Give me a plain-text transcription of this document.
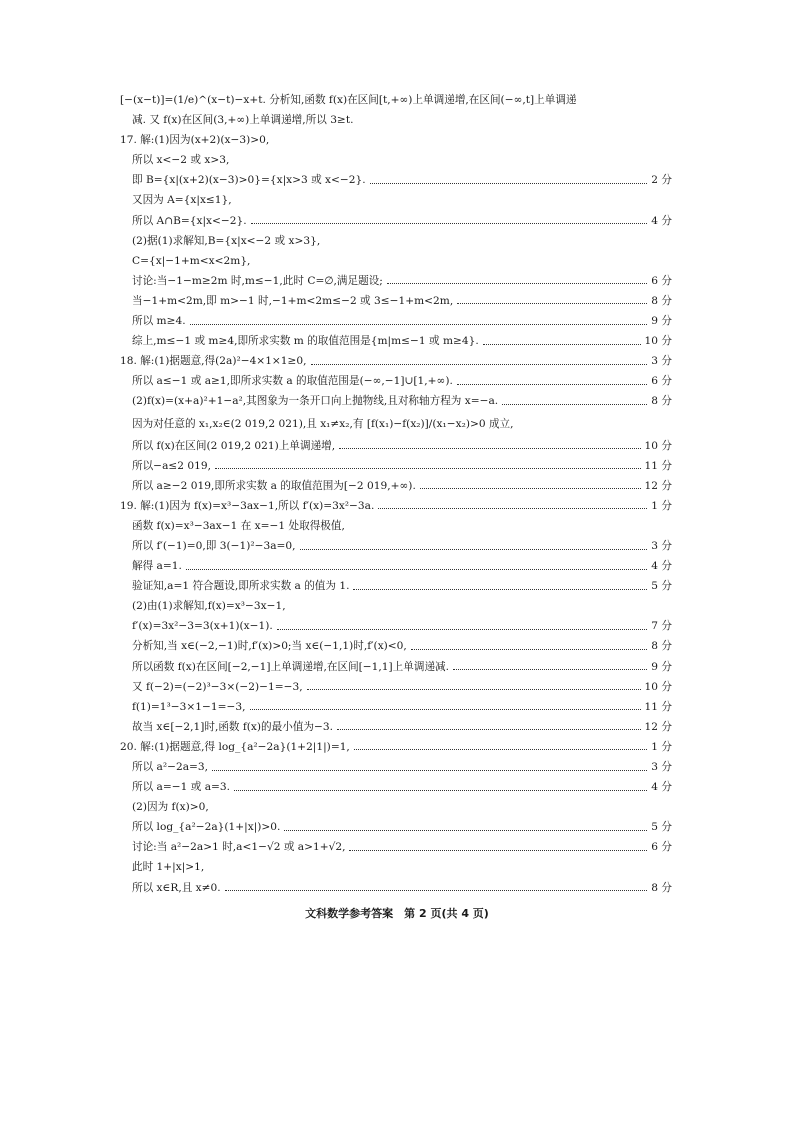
[−(x−t)]=(1/e)^(x−t)−x+t. 分析知,函数 f(x)在区间[t,+∞)上单调递增,在区间(−∞,t]上单调递
减. 又 f(x)在区间(3,+∞)上单调递增,所以 3≥t.
17. 解:(1)因为(x+2)(x−3)>0,
所以 x<−2 或 x>3,
即 B={x|(x+2)(x−3)>0}={x|x>3 或 x<−2}.	2 分
又因为 A={x|x≤1},
所以 A∩B={x|x<−2}.	4 分
(2)据(1)求解知,B={x|x<−2 或 x>3},
C={x|−1+m<x<2m},
讨论:当−1−m≥2m 时,m≤−1,此时 C=∅,满足题设;	6 分
当−1+m<2m,即 m>−1 时,−1+m<2m≤−2 或 3≤−1+m<2m,	8 分
所以 m≥4.	9 分
综上,m≤−1 或 m≥4,即所求实数 m 的取值范围是{m|m≤−1 或 m≥4}.	10 分
18. 解:(1)据题意,得(2a)²−4×1×1≥0,	3 分
所以 a≤−1 或 a≥1,即所求实数 a 的取值范围是(−∞,−1]∪[1,+∞).	6 分
(2)f(x)=(x+a)²+1−a²,其图象为一条开口向上抛物线,且对称轴方程为 x=−a.	8 分
因为对任意的 x₁,x₂∈(2 019,2 021),且 x₁≠x₂,有 [f(x₁)−f(x₂)]/(x₁−x₂)>0 成立,
所以 f(x)在区间(2 019,2 021)上单调递增,	10 分
所以−a≤2 019,	11 分
所以 a≥−2 019,即所求实数 a 的取值范围为[−2 019,+∞).	12 分
19. 解:(1)因为 f(x)=x³−3ax−1,所以 f′(x)=3x²−3a.	1 分
函数 f(x)=x³−3ax−1 在 x=−1 处取得极值,
所以 f′(−1)=0,即 3(−1)²−3a=0,	3 分
解得 a=1.	4 分
验证知,a=1 符合题设,即所求实数 a 的值为 1.	5 分
(2)由(1)求解知,f(x)=x³−3x−1,
f′(x)=3x²−3=3(x+1)(x−1).	7 分
分析知,当 x∈(−2,−1)时,f′(x)>0;当 x∈(−1,1)时,f′(x)<0,	8 分
所以函数 f(x)在区间[−2,−1]上单调递增,在区间[−1,1]上单调递减.	9 分
又 f(−2)=(−2)³−3×(−2)−1=−3,	10 分
f(1)=1³−3×1−1=−3,	11 分
故当 x∈[−2,1]时,函数 f(x)的最小值为−3.	12 分
20. 解:(1)据题意,得 log_{a²−2a}(1+2|1|)=1,	1 分
所以 a²−2a=3,	3 分
所以 a=−1 或 a=3.	4 分
(2)因为 f(x)>0,
所以 log_{a²−2a}(1+|x|)>0.	5 分
讨论:当 a²−2a>1 时,a<1−√2 或 a>1+√2,	6 分
此时 1+|x|>1,
所以 x∈R,且 x≠0.	8 分
文科数学参考答案　第 2 页(共 4 页)
